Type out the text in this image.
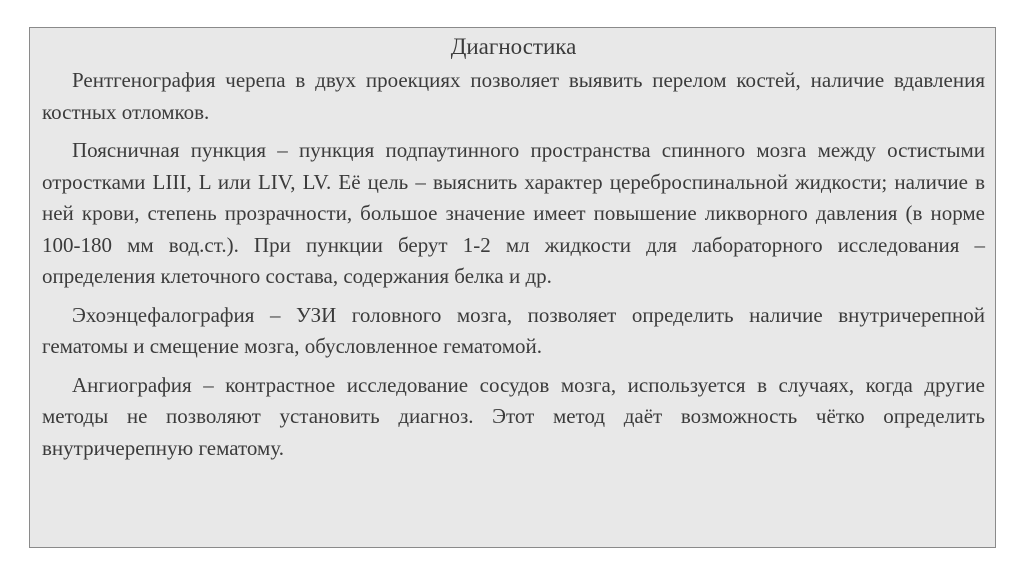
Диагностика

Рентгенография черепа в двух проекциях позволяет выявить перелом костей, наличие вдавления костных отломков.

Поясничная пункция – пункция подпаутинного пространства спинного мозга между остистыми отростками LIII, L или LIV, LV. Её цель – выяснить характер цереброспинальной жидкости; наличие в ней крови, степень прозрачности, большое значение имеет повышение ликворного давления (в норме 100-180 мм вод.ст.). При пункции берут 1-2 мл жидкости для лабораторного исследования – определения клеточного состава, содержания белка и др.

Эхоэнцефалография – УЗИ головного мозга, позволяет определить наличие внутричерепной гематомы и смещение мозга, обусловленное гематомой.

Ангиография – контрастное исследование сосудов мозга, используется в случаях, когда другие методы не позволяют установить диагноз. Этот метод даёт возможность чётко определить внутричерепную гематому.
